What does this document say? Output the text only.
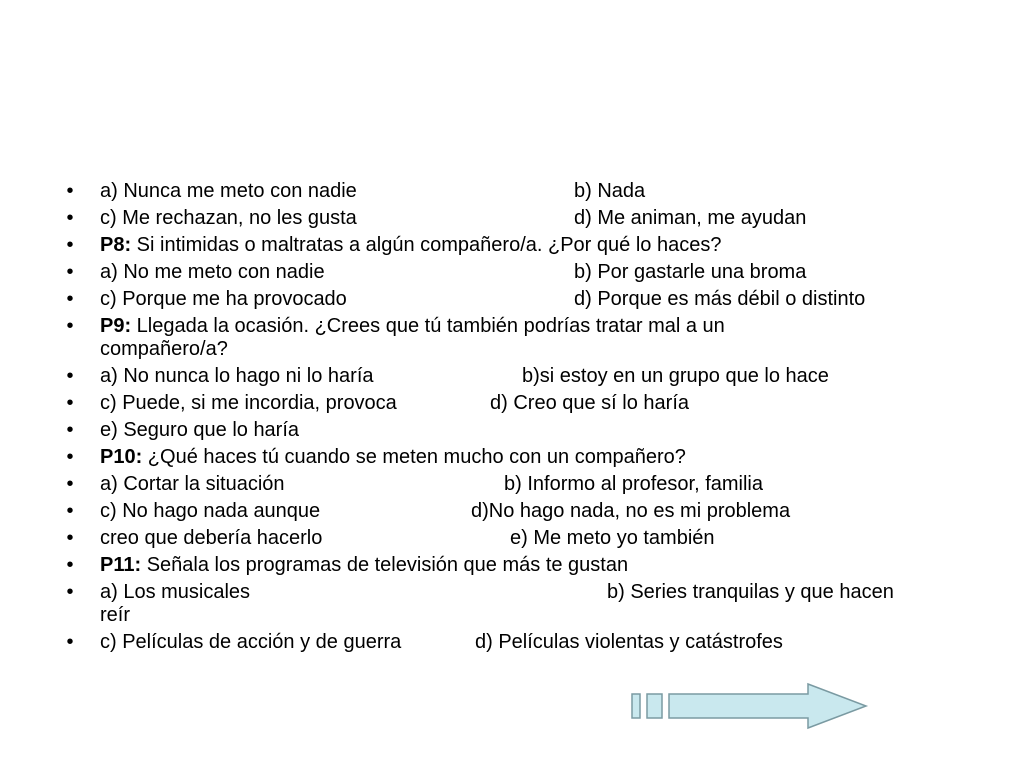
•	a) Nunca me meto con nadie	b) Nada
•	c) Me rechazan, no les gusta	d) Me animan, me ayudan
•	P8: Si intimidas o maltratas a algún compañero/a. ¿Por qué lo haces?
•	a) No me meto con nadie	b) Por gastarle una broma
•	c) Porque me ha provocado	d) Porque es más débil o distinto
•	P9: Llegada la ocasión. ¿Crees que tú también podrías tratar mal a un
compañero/a?
•	a) No nunca lo hago ni lo haría	b)si estoy en un grupo que lo hace
•	c) Puede, si me incordia, provoca	d) Creo que sí lo haría
•	e) Seguro que lo haría
•	P10: ¿Qué haces tú cuando se meten mucho con un compañero?
•	a) Cortar la situación	b) Informo al profesor, familia
•	c) No hago nada aunque	d)No hago nada, no es mi problema
•	creo que debería hacerlo	e) Me meto yo también
•	P11: Señala los programas de televisión que más te gustan
•	a) Los musicales	b) Series tranquilas y que hacen
reír
•	c) Películas de acción y de guerra	d) Películas violentas y catástrofes
